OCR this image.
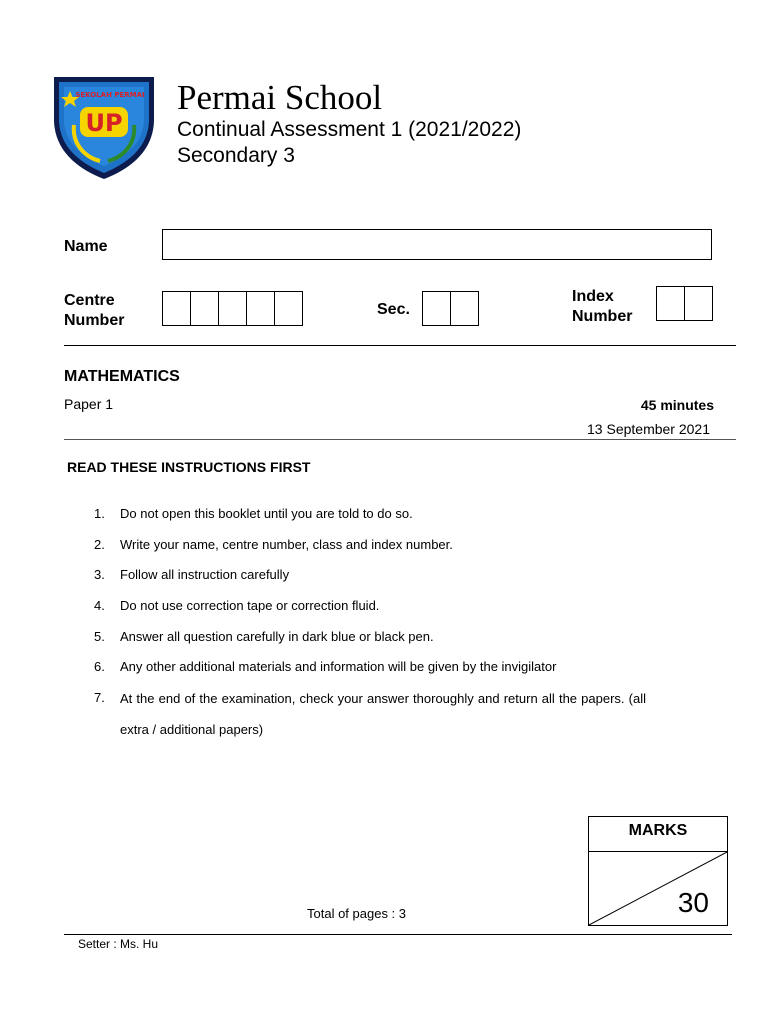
SEKOLAH PERMAI
UP
Permai School
Continual Assessment 1 (2021/2022)
Secondary 3
Name
Centre
Number
Sec.
Index
Number
MATHEMATICS
Paper 1	45 minutes
13 September 2021
READ THESE INSTRUCTIONS FIRST
1.	Do not open this booklet until you are told to do so.
2.	Write your name, centre number, class and index number.
3.	Follow all instruction carefully
4.	Do not use correction tape or correction fluid.
5.	Answer all question carefully in dark blue or black pen.
6.	Any other additional materials and information will be given by the invigilator
7.	At the end of the examination, check your answer thoroughly and return all the papers. (all extra / additional papers)
MARKS
30
Total of pages : 3
Setter : Ms. Hu
